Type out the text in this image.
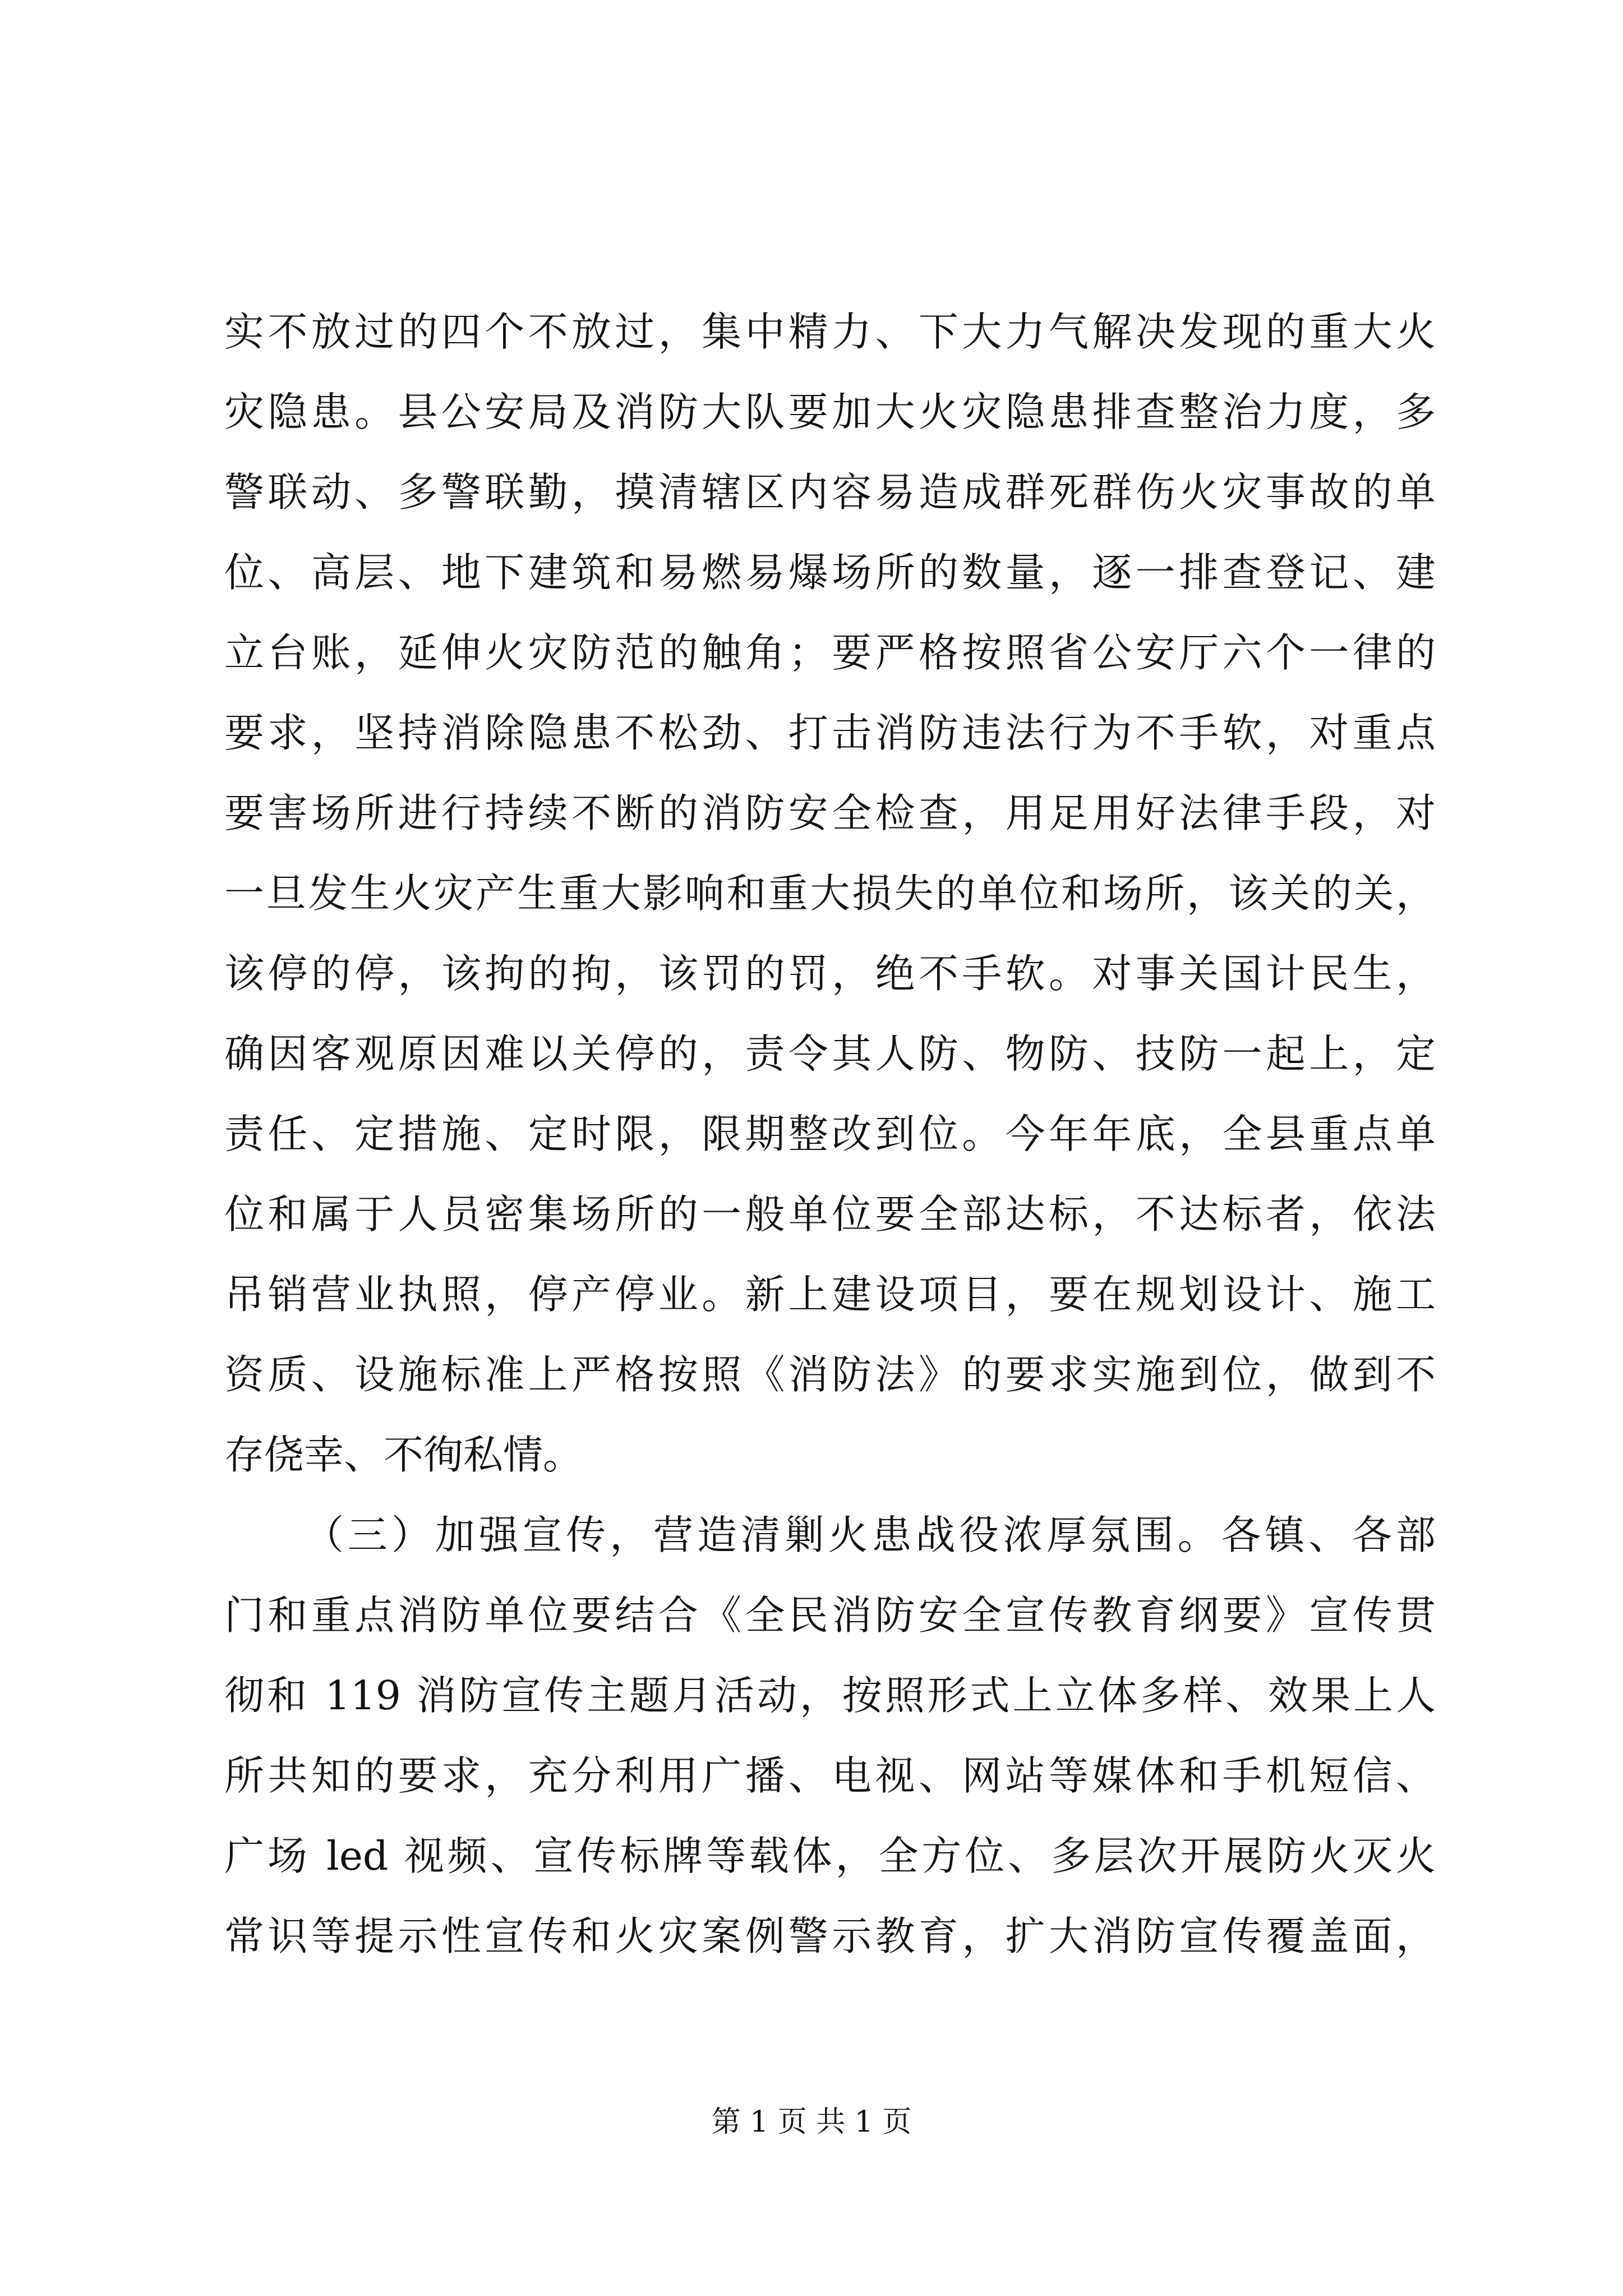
实不放过的四个不放过，集中精力、下大力气解决发现的重大火
灾隐患。县公安局及消防大队要加大火灾隐患排查整治力度，多
警联动、多警联勤，摸清辖区内容易造成群死群伤火灾事故的单
位、高层、地下建筑和易燃易爆场所的数量，逐一排查登记、建
立台账，延伸火灾防范的触角；要严格按照省公安厅六个一律的
要求，坚持消除隐患不松劲、打击消防违法行为不手软，对重点
要害场所进行持续不断的消防安全检查，用足用好法律手段，对
一旦发生火灾产生重大影响和重大损失的单位和场所，该关的关，
该停的停，该拘的拘，该罚的罚，绝不手软。对事关国计民生，
确因客观原因难以关停的，责令其人防、物防、技防一起上，定
责任、定措施、定时限，限期整改到位。今年年底，全县重点单
位和属于人员密集场所的一般单位要全部达标，不达标者，依法
吊销营业执照，停产停业。新上建设项目，要在规划设计、施工
资质、设施标准上严格按照《消防法》的要求实施到位，做到不
存侥幸、不徇私情。
（三）加强宣传，营造清剿火患战役浓厚氛围。各镇、各部
门和重点消防单位要结合《全民消防安全宣传教育纲要》宣传贯
彻和 119 消防宣传主题月活动，按照形式上立体多样、效果上人
所共知的要求，充分利用广播、电视、网站等媒体和手机短信、
广场 led 视频、宣传标牌等载体，全方位、多层次开展防火灭火
常识等提示性宣传和火灾案例警示教育，扩大消防宣传覆盖面，
第 1 页 共 1 页
